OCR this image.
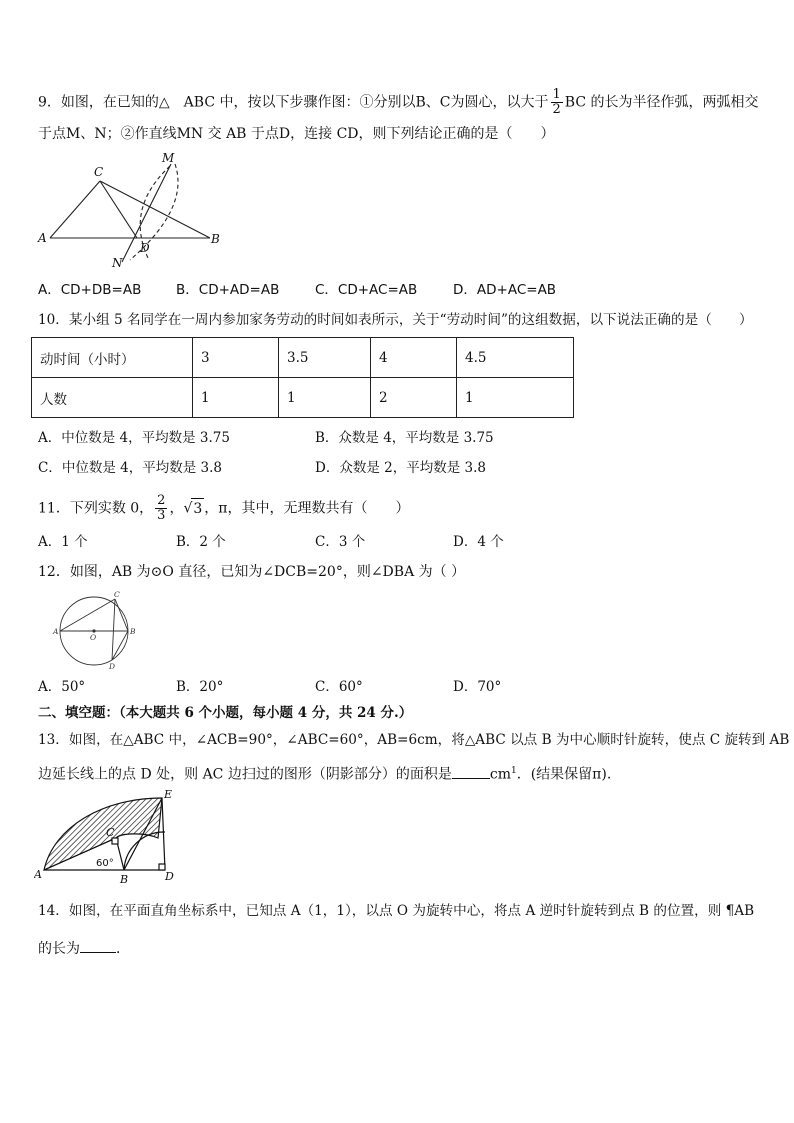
9．如图，在已知的△　ABC 中，按以下步骤作图：①分别以B、C为圆心，以大于 $\frac{1}{2}$ BC 的长为半径作弧，两弧相交
于点M、N；②作直线MN 交 AB 于点D，连接 CD，则下列结论正确的是（　　）
C
M
A	B
D
N
A．CD+DB=AB	B．CD+AD=AB	C．CD+AC=AB	D．AD+AC=AB
10．某小组 5 名同学在一周内参加家务劳动的时间如表所示，关于“劳动时间”的这组数据，以下说法正确的是（　　）
动时间（小时）	3	3.5	4	4.5
人数	1	1	2	1
A．中位数是 4，平均数是 3.75	B．众数是 4，平均数是 3.75
C．中位数是 4，平均数是 3.8	D．众数是 2，平均数是 3.8
11．下列实数 0， $\frac{2}{3}$ ，√3 ，π，其中，无理数共有（　　）
A．1 个	B．2 个	C．3 个	D．4 个
12．如图，AB 为⊙O 直径，已知为∠DCB=20°，则∠DBA 为（ ）
A
O
B
C
D
A．50°	B．20°	C．60°	D．70°
二、填空题：（本大题共 6 个小题，每小题 4 分，共 24 分.）
13．如图，在△ABC 中，∠ACB=90°，∠ABC=60°，AB=6cm，将△ABC 以点 B 为中心顺时针旋转，使点 C 旋转到 AB
边延长线上的点 D 处，则 AC 边扫过的图形（阴影部分）的面积是	$cm^1$．(结果保留π).
A	B
C
D
E
60°
14．如图，在平面直角坐标系中，已知点 A（1，1），以点 O 为旋转中心，将点 A 逆时针旋转到点 B 的位置，则 ¶AB
的长为	．
